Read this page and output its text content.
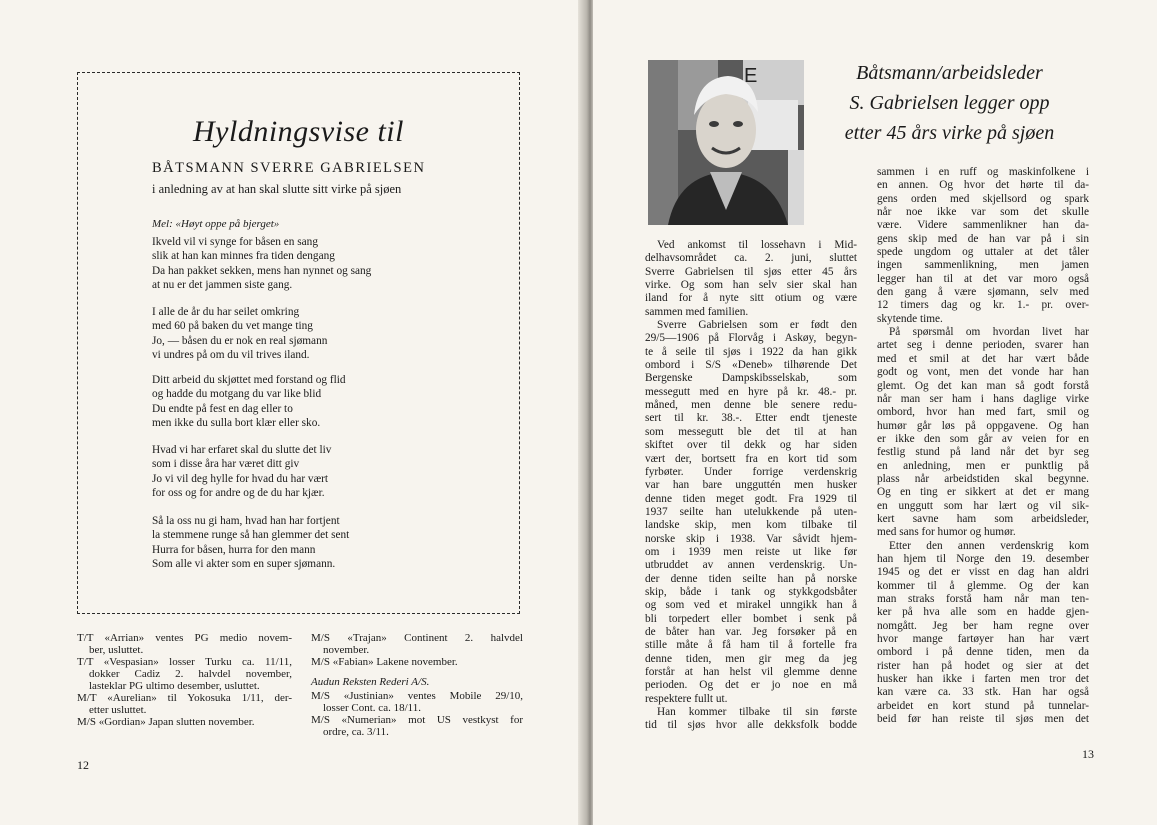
Hyldningsvise til
BÅTSMANN SVERRE GABRIELSEN
i anledning av at han skal slutte sitt virke på sjøen
Mel: «Høyt oppe på bjerget»
Ikveld vil vi synge for båsen en sang
slik at han kan minnes fra tiden dengang
Da han pakket sekken, mens han nynnet og sang
at nu er det jammen siste gang.
I alle de år du har seilet omkring
med 60 på baken du vet mange ting
Jo, — båsen du er nok en real sjømann
vi undres på om du vil trives iland.
Ditt arbeid du skjøttet med forstand og flid
og hadde du motgang du var like blid
Du endte på fest en dag eller to
men ikke du sulla bort klær eller sko.
Hvad vi har erfaret skal du slutte det liv
som i disse åra har været ditt giv
Jo vi vil deg hylle for hvad du har vært
for oss og for andre og de du har kjær.
Så la oss nu gi ham, hvad han har fortjent
la stemmene runge så han glemmer det sent
Hurra for båsen, hurra for den mann
Som alle vi akter som en super sjømann.
T/T «Arrian» ventes PG medio novem-
ber, usluttet.
T/T «Vespasian» losser Turku ca. 11/11,
dokker Cadiz 2. halvdel november,
lasteklar PG ultimo desember, usluttet.
M/T «Aurelian» til Yokosuka 1/11, der-
etter usluttet.
M/S «Gordian» Japan slutten november.
M/S «Trajan» Continent 2. halvdel
november.
M/S «Fabian» Lakene november.
Audun Reksten Rederi A/S.
M/S «Justinian» ventes Mobile 29/10,
losser Cont. ca. 18/11.
M/S «Numerian» mot US vestkyst for
ordre, ca. 3/11.
12
E	Båtsmann/arbeidsleder
S. Gabrielsen legger opp
etter 45 års virke på sjøen
Ved ankomst til lossehavn i Mid-
delhavsområdet ca. 2. juni, sluttet
Sverre Gabrielsen til sjøs etter 45 års
virke. Og som han selv sier skal han
iland for å nyte sitt otium og være
sammen med familien.
Sverre Gabrielsen som er født den
29/5—1906 på Florvåg i Askøy, begyn-
te å seile til sjøs i 1922 da han gikk
ombord i S/S «Deneb» tilhørende Det
Bergenske Dampskibsselskab, som
messegutt med en hyre på kr. 48.- pr.
måned, men denne ble senere redu-
sert til kr. 38.-. Etter endt tjeneste
som messegutt ble det til at han
skiftet over til dekk og har siden
vært der, bortsett fra en kort tid som
fyrbøter. Under forrige verdenskrig
var han bare ungguttén men husker
denne tiden meget godt. Fra 1929 til
1937 seilte han utelukkende på uten-
landske skip, men kom tilbake til
norske skip i 1938. Var såvidt hjem-
om i 1939 men reiste ut like før
utbruddet av annen verdenskrig. Un-
der denne tiden seilte han på norske
skip, både i tank og stykkgodsbåter
og som ved et mirakel unngikk han å
bli torpedert eller bombet i senk på
de båter han var. Jeg forsøker på en
stille måte å få ham til å fortelle fra
denne tiden, men gir meg da jeg
forstår at han helst vil glemme denne
perioden. Og det er jo noe en må
respektere fullt ut.
Han kommer tilbake til sin første
tid til sjøs hvor alle dekksfolk bodde
sammen i en ruff og maskinfolkene i
en annen. Og hvor det hørte til da-
gens orden med skjellsord og spark
når noe ikke var som det skulle
være. Videre sammenlikner han da-
gens skip med de han var på i sin
spede ungdom og uttaler at det tåler
ingen sammenlikning, men jamen
legger han til at det var moro også
den gang å være sjømann, selv med
12 timers dag og kr. 1.- pr. over-
skytende time.
På spørsmål om hvordan livet har
artet seg i denne perioden, svarer han
med et smil at det har vært både
godt og vont, men det vonde har han
glemt. Og det kan man så godt forstå
når man ser ham i hans daglige virke
ombord, hvor han med fart, smil og
humør går løs på oppgavene. Og han
er ikke den som går av veien for en
festlig stund på land når det byr seg
en anledning, men er punktlig på
plass når arbeidstiden skal begynne.
Og en ting er sikkert at det er mang
en unggutt som har lært og vil sik-
kert savne ham som arbeidsleder,
med sans for humor og humør.
Etter den annen verdenskrig kom
han hjem til Norge den 19. desember
1945 og det er visst en dag han aldri
kommer til å glemme. Og der kan
man straks forstå ham når man ten-
ker på hva alle som en hadde gjen-
nomgått. Jeg ber ham regne over
hvor mange fartøyer han har vært
ombord i på denne tiden, men da
rister han på hodet og sier at det
husker han ikke i farten men tror det
kan være ca. 33 stk. Han har også
arbeidet en kort stund på tunnelar-
beid før han reiste til sjøs men det
13
